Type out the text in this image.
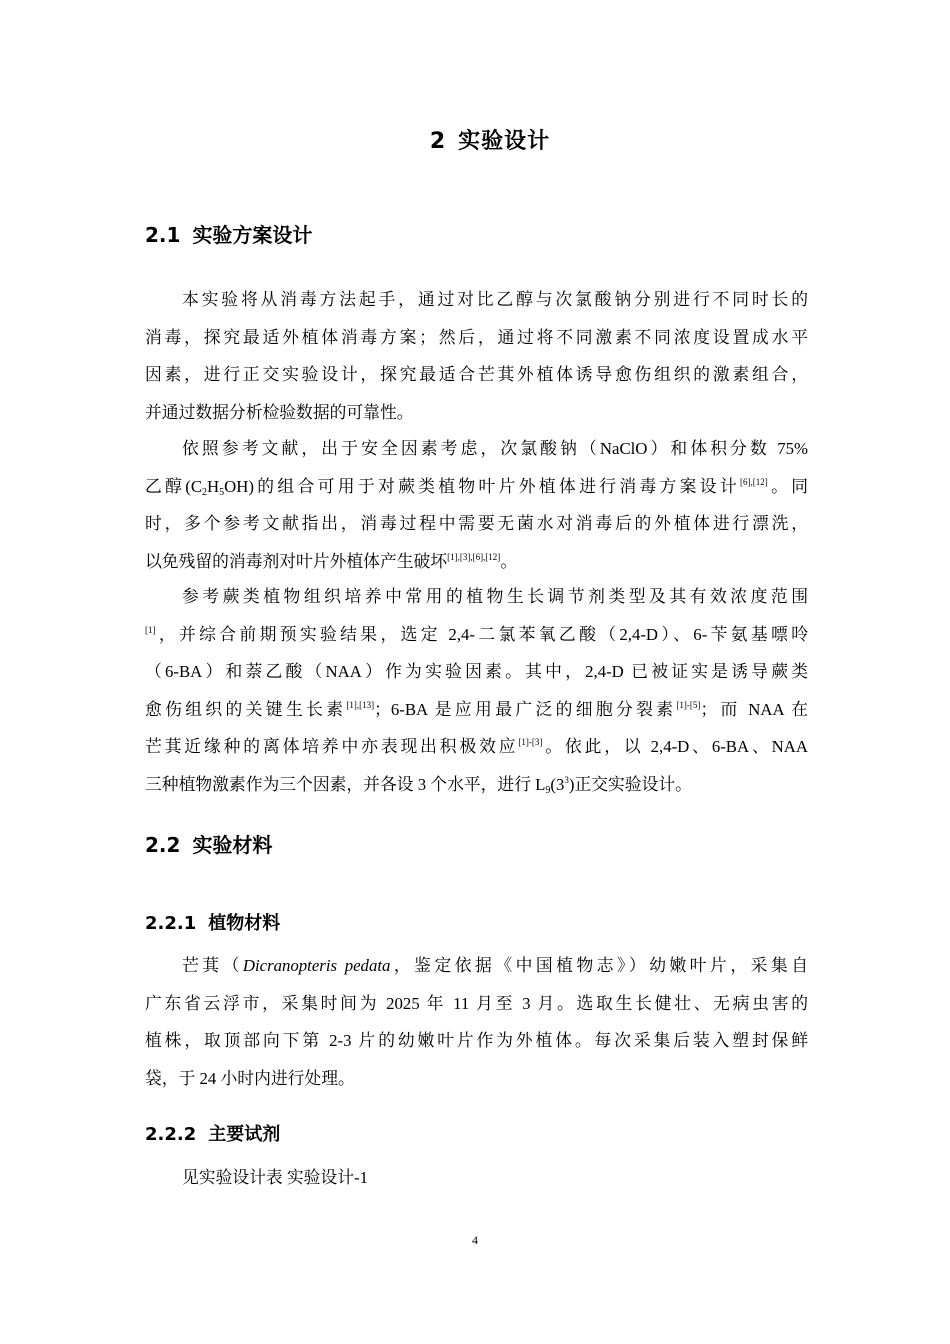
2 实验设计
2.1 实验方案设计
本实验将从消毒方法起手，通过对比乙醇与次氯酸钠分别进行不同时长的
消毒，探究最适外植体消毒方案；然后，通过将不同激素不同浓度设置成水平
因素，进行正交实验设计，探究最适合芒萁外植体诱导愈伤组织的激素组合，
并通过数据分析检验数据的可靠性。
依照参考文献，出于安全因素考虑，次氯酸钠（NaClO）和体积分数 75%
乙醇$(C_2H_5OH)$的组合可用于对蕨类植物叶片外植体进行消毒方案设计[6],[12]。同
时，多个参考文献指出，消毒过程中需要无菌水对消毒后的外植体进行漂洗，
以免残留的消毒剂对叶片外植体产生破坏[1],[3],[6],[12]。
参考蕨类植物组织培养中常用的植物生长调节剂类型及其有效浓度范围
[1]，并综合前期预实验结果，选定 2,4-二氯苯氧乙酸（2,4-D）、6-苄氨基嘌呤
（6-BA）和萘乙酸（NAA）作为实验因素。其中，2,4-D 已被证实是诱导蕨类
愈伤组织的关键生长素[1],[13]；6-BA 是应用最广泛的细胞分裂素[1]-[5]；而 NAA 在
芒萁近缘种的离体培养中亦表现出积极效应[1]-[3]。依此，以 2,4-D、6-BA、NAA
三种植物激素作为三个因素，并各设 3 个水平，进行 $L_9(3^3)$正交实验设计。
2.2 实验材料
2.2.1 植物材料
芒萁（Dicranopteris pedata，鉴定依据《中国植物志》）幼嫩叶片，采集自
广东省云浮市，采集时间为 2025 年 11 月至 3 月。选取生长健壮、无病虫害的
植株，取顶部向下第 2-3 片的幼嫩叶片作为外植体。每次采集后装入塑封保鲜
袋，于 24 小时内进行处理。
2.2.2 主要试剂
见实验设计表 实验设计-1
4
